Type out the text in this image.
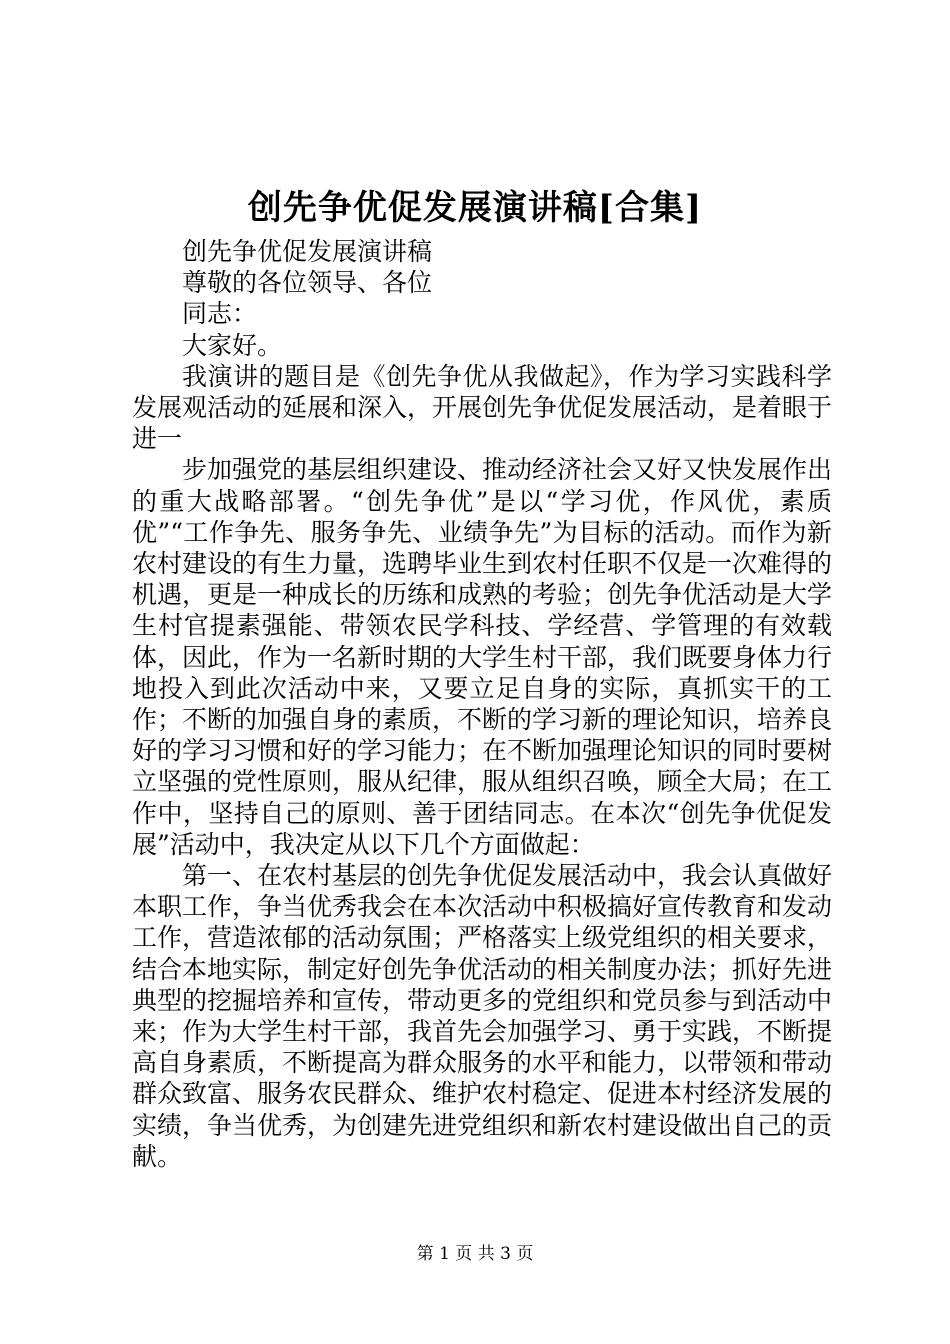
创先争优促发展演讲稿[合集]

创先争优促发展演讲稿

尊敬的各位领导、各位

同志：

大家好。

我演讲的题目是《创先争优从我做起》，作为学习实践科学发展观活动的延展和深入，开展创先争优促发展活动，是着眼于进一

步加强党的基层组织建设、推动经济社会又好又快发展作出的重大战略部署。“创先争优”是以“学习优，作风优，素质优”“工作争先、服务争先、业绩争先”为目标的活动。而作为新农村建设的有生力量，选聘毕业生到农村任职不仅是一次难得的机遇，更是一种成长的历练和成熟的考验；创先争优活动是大学生村官提素强能、带领农民学科技、学经营、学管理的有效载体，因此，作为一名新时期的大学生村干部，我们既要身体力行地投入到此次活动中来，又要立足自身的实际，真抓实干的工作；不断的加强自身的素质，不断的学习新的理论知识，培养良好的学习习惯和好的学习能力；在不断加强理论知识的同时要树立坚强的党性原则，服从纪律，服从组织召唤，顾全大局；在工作中，坚持自己的原则、善于团结同志。在本次“创先争优促发展”活动中，我决定从以下几个方面做起：

第一、在农村基层的创先争优促发展活动中，我会认真做好本职工作，争当优秀我会在本次活动中积极搞好宣传教育和发动工作，营造浓郁的活动氛围；严格落实上级党组织的相关要求，结合本地实际，制定好创先争优活动的相关制度办法；抓好先进典型的挖掘培养和宣传，带动更多的党组织和党员参与到活动中来；作为大学生村干部，我首先会加强学习、勇于实践，不断提高自身素质，不断提高为群众服务的水平和能力，以带领和带动群众致富、服务农民群众、维护农村稳定、促进本村经济发展的实绩，争当优秀，为创建先进党组织和新农村建设做出自己的贡献。

第 1 页 共 3 页
